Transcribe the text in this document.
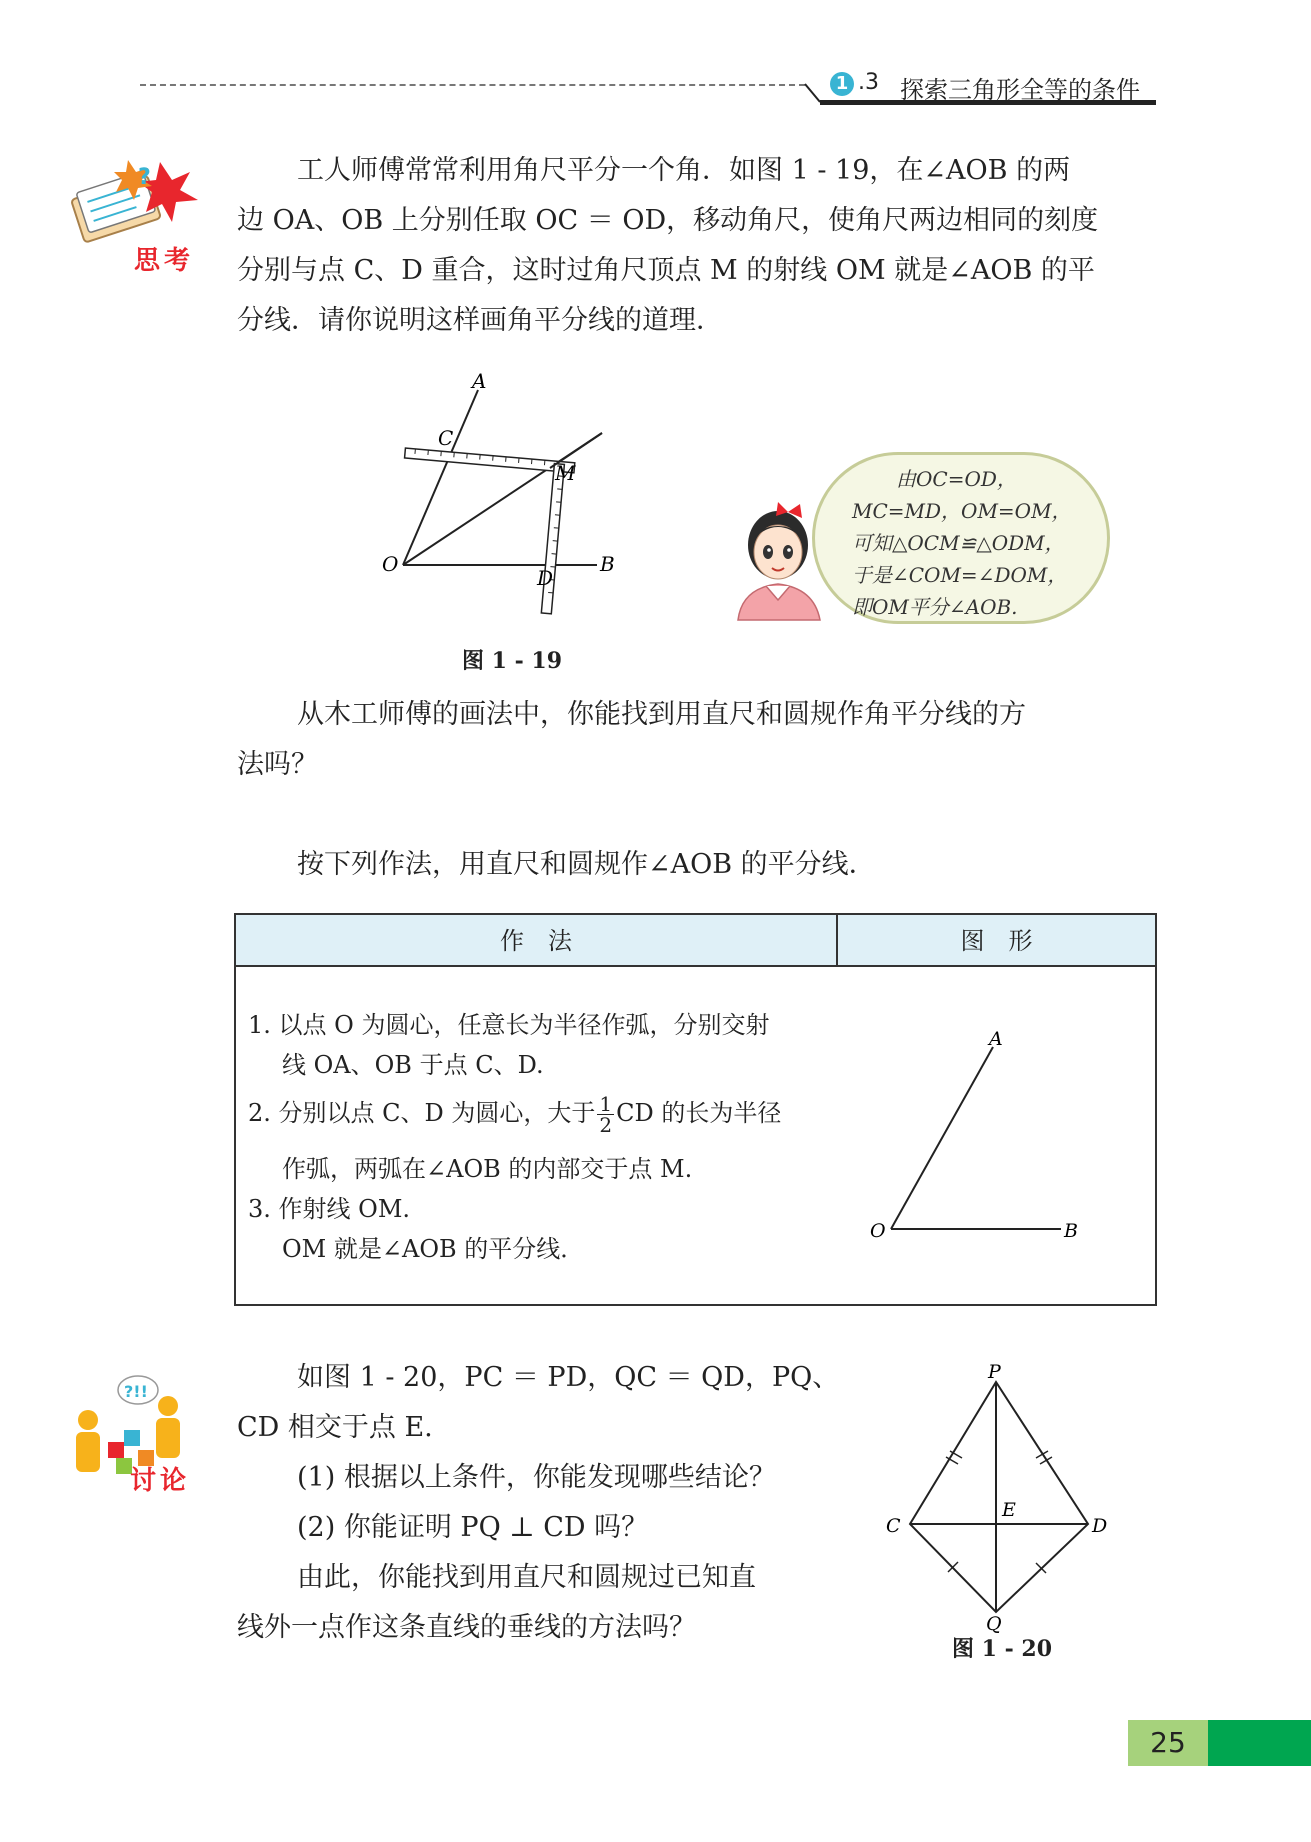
1 .3 探索三角形全等的条件
?
思考

工人师傅常常利用角尺平分一个角．如图 1 - 19，在∠AOB 的两

边 OA、OB 上分别任取 OC ＝ OD，移动角尺，使角尺两边相同的刻度

分别与点 C、D 重合，这时过角尺顶点 M 的射线 OM 就是∠AOB 的平

分线．请你说明这样画角平分线的道理．

A
C
M
O	B
D
图 1 - 19
由OC=OD，
MC=MD，OM=OM，
可知△OCM≌△ODM，
于是∠COM=∠DOM，
即OM平分∠AOB.

从木工师傅的画法中，你能找到用直尺和圆规作角平分线的方

法吗？

按下列作法，用直尺和圆规作∠AOB 的平分线．

作　法	图　形
1. 以点 O 为圆心，任意长为半径作弧，分别交射
线 OA、OB 于点 C、D.
2. 分别以点 C、D 为圆心，大于 $\frac{1}{2}$ CD 的长为半径
作弧，两弧在∠AOB 的内部交于点 M.
3. 作射线 OM.
OM 就是∠AOB 的平分线．
A
O	B
?!!
讨论

如图 1 - 20，PC ＝ PD，QC ＝ QD，PQ、

CD 相交于点 E.

(1) 根据以上条件，你能发现哪些结论？

(2) 你能证明 PQ ⊥ CD 吗？

由此，你能找到用直尺和圆规过已知直

线外一点作这条直线的垂线的方法吗？

P
C
E
D
Q
图 1 - 20
25
